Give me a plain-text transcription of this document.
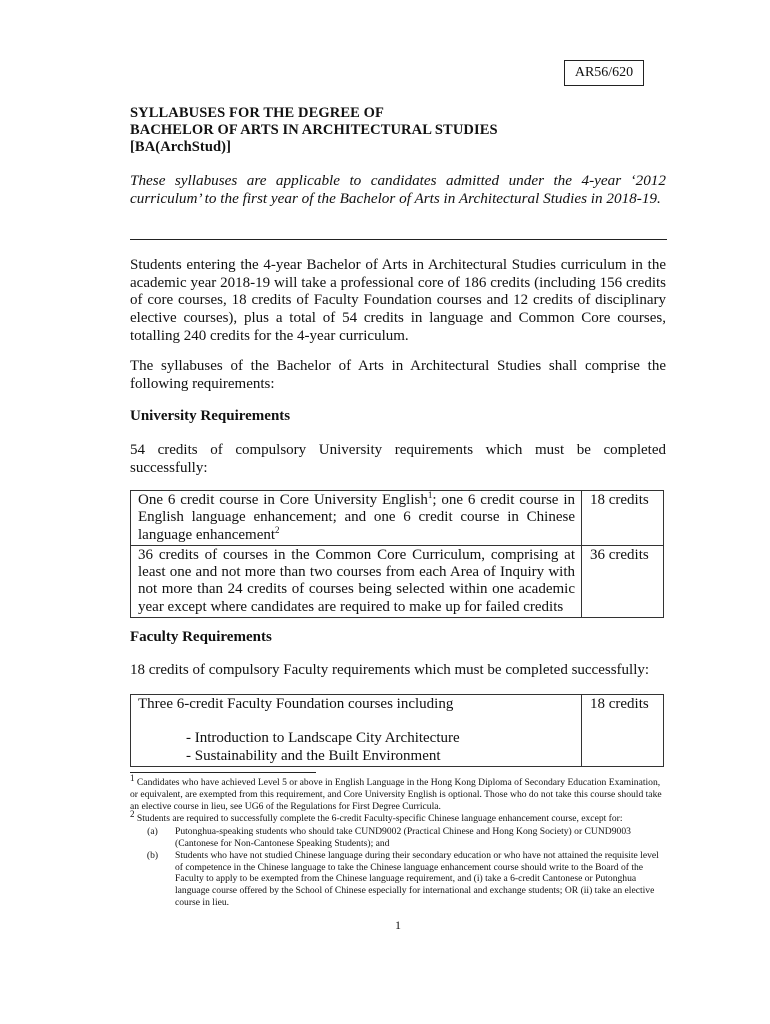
AR56/620
SYLLABUSES FOR THE DEGREE OF
BACHELOR OF ARTS IN ARCHITECTURAL STUDIES
[BA(ArchStud)]
These syllabuses are applicable to candidates admitted under the 4-year ‘2012 curriculum’ to the first year of the Bachelor of Arts in Architectural Studies in 2018-19.
Students entering the 4-year Bachelor of Arts in Architectural Studies curriculum in the academic year 2018-19 will take a professional core of 186 credits (including 156 credits of core courses, 18 credits of Faculty Foundation courses and 12 credits of disciplinary elective courses), plus a total of 54 credits in language and Common Core courses, totalling 240 credits for the 4-year curriculum.
The syllabuses of the Bachelor of Arts in Architectural Studies shall comprise the following requirements:
University Requirements
54 credits of compulsory University requirements which must be completed successfully:
One 6 credit course in Core University English$^1$; one 6 credit course in English language enhancement; and one 6 credit course in Chinese language enhancement$^2$	18 credits
36 credits of courses in the Common Core Curriculum, comprising at least one and not more than two courses from each Area of Inquiry with not more than 24 credits of courses being selected within one academic year except where candidates are required to make up for failed credits	36 credits
Faculty Requirements
18 credits of compulsory Faculty requirements which must be completed successfully:
Three 6-credit Faculty Foundation courses including
- Introduction to Landscape City Architecture
- Sustainability and the Built Environment
	18 credits
$^1$ Candidates who have achieved Level 5 or above in English Language in the Hong Kong Diploma of Secondary Education Examination, or equivalent, are exempted from this requirement, and Core University English is optional. Those who do not take this course should take an elective course in lieu, see UG6 of the Regulations for First Degree Curricula.
$^2$ Students are required to successfully complete the 6-credit Faculty-specific Chinese language enhancement course, except for:
(a)	Putonghua-speaking students who should take CUND9002 (Practical Chinese and Hong Kong Society) or CUND9003 (Cantonese for Non-Cantonese Speaking Students); and
(b)	Students who have not studied Chinese language during their secondary education or who have not attained the requisite level of competence in the Chinese language to take the Chinese language enhancement course should write to the Board of the Faculty to apply to be exempted from the Chinese language requirement, and (i) take a 6-credit Cantonese or Putonghua language course offered by the School of Chinese especially for international and exchange students; OR (ii) take an elective course in lieu.
1
